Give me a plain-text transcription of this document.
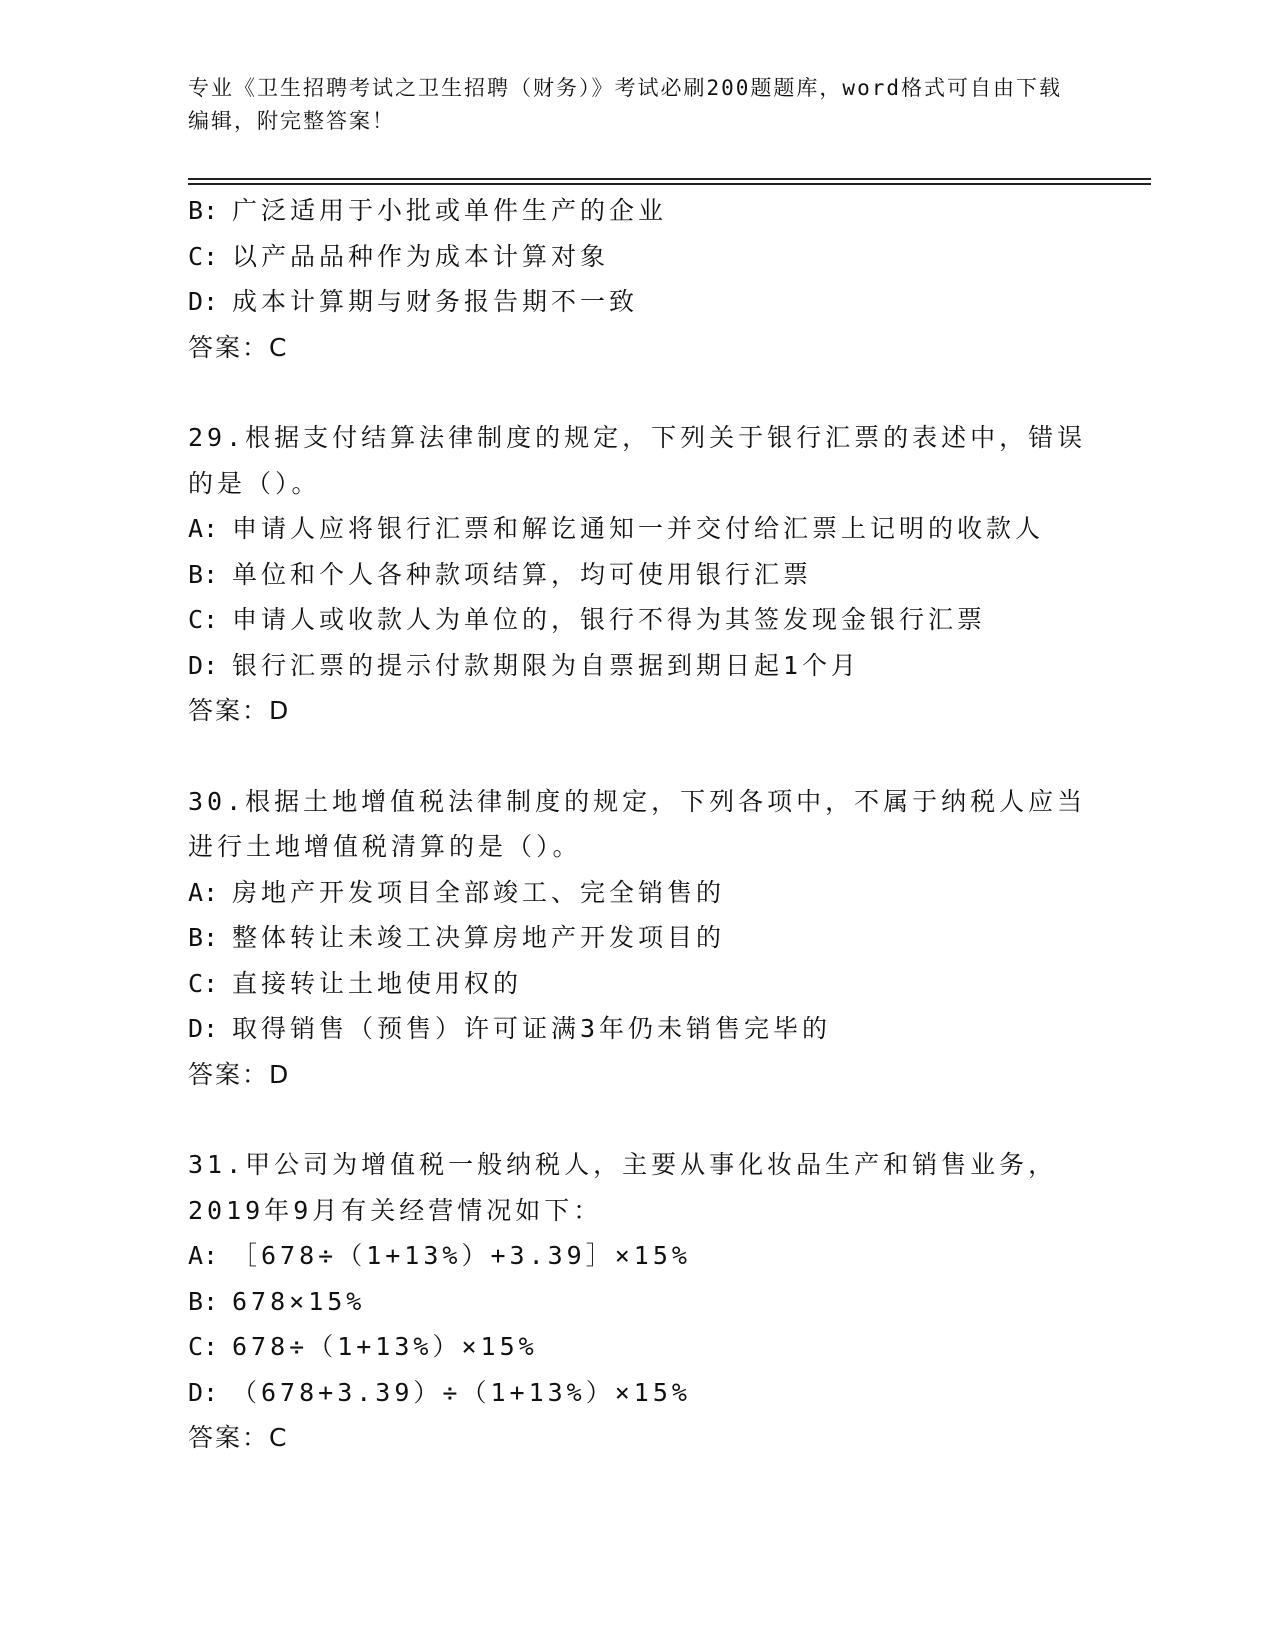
专业《卫生招聘考试之卫生招聘（财务）》考试必刷200题题库，word格式可自由下载编辑，附完整答案！
B: 广泛适用于小批或单件生产的企业
C: 以产品品种作为成本计算对象
D: 成本计算期与财务报告期不一致
答案：C
29.根据支付结算法律制度的规定，下列关于银行汇票的表述中，错误的是（）。
A: 申请人应将银行汇票和解讫通知一并交付给汇票上记明的收款人
B: 单位和个人各种款项结算，均可使用银行汇票
C: 申请人或收款人为单位的，银行不得为其签发现金银行汇票
D: 银行汇票的提示付款期限为自票据到期日起1个月
答案：D
30.根据土地增值税法律制度的规定，下列各项中，不属于纳税人应当进行土地增值税清算的是（）。
A: 房地产开发项目全部竣工、完全销售的
B: 整体转让未竣工决算房地产开发项目的
C: 直接转让土地使用权的
D: 取得销售（预售）许可证满3年仍未销售完毕的
答案：D
31.甲公司为增值税一般纳税人，主要从事化妆品生产和销售业务，2019年9月有关经营情况如下：
A: ［678÷（1+13%）+3.39］×15%
B: 678×15%
C: 678÷（1+13%）×15%
D: （678+3.39）÷（1+13%）×15%
答案：C
